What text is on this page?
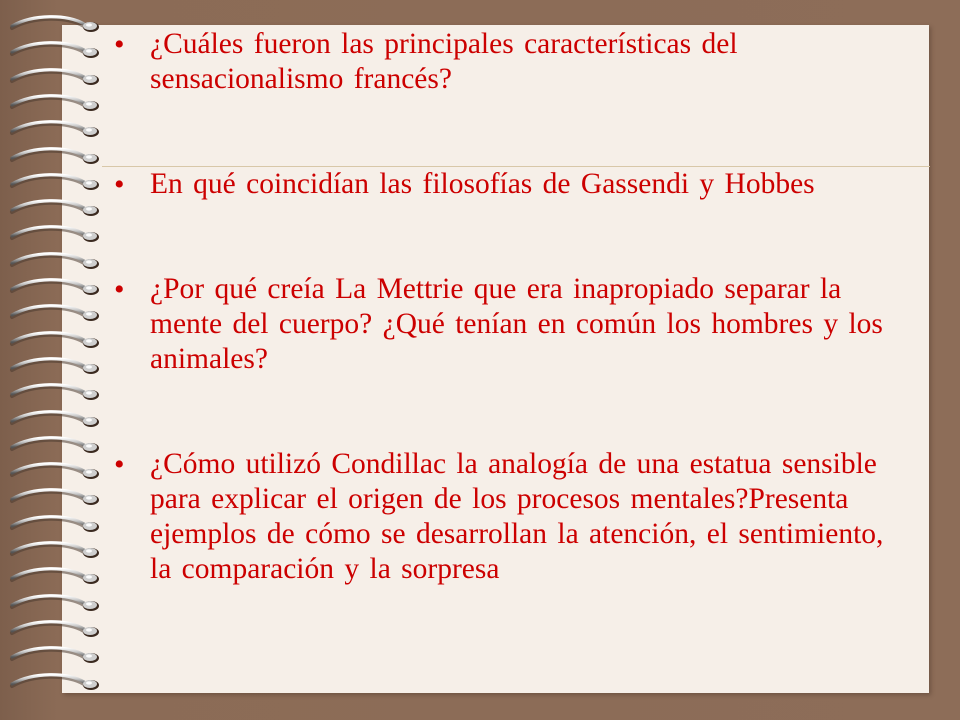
• ¿Cuáles fueron las principales características del sensacionalismo francés?
• En qué coincidían las filosofías de Gassendi y Hobbes
• ¿Por qué creía La Mettrie que era inapropiado separar la mente del cuerpo? ¿Qué tenían en común los hombres y los animales?
• ¿Cómo utilizó Condillac la analogía de una estatua sensible para explicar el origen de los procesos mentales?Presenta ejemplos de cómo se desarrollan la atención, el sentimiento, la comparación y la sorpresa
